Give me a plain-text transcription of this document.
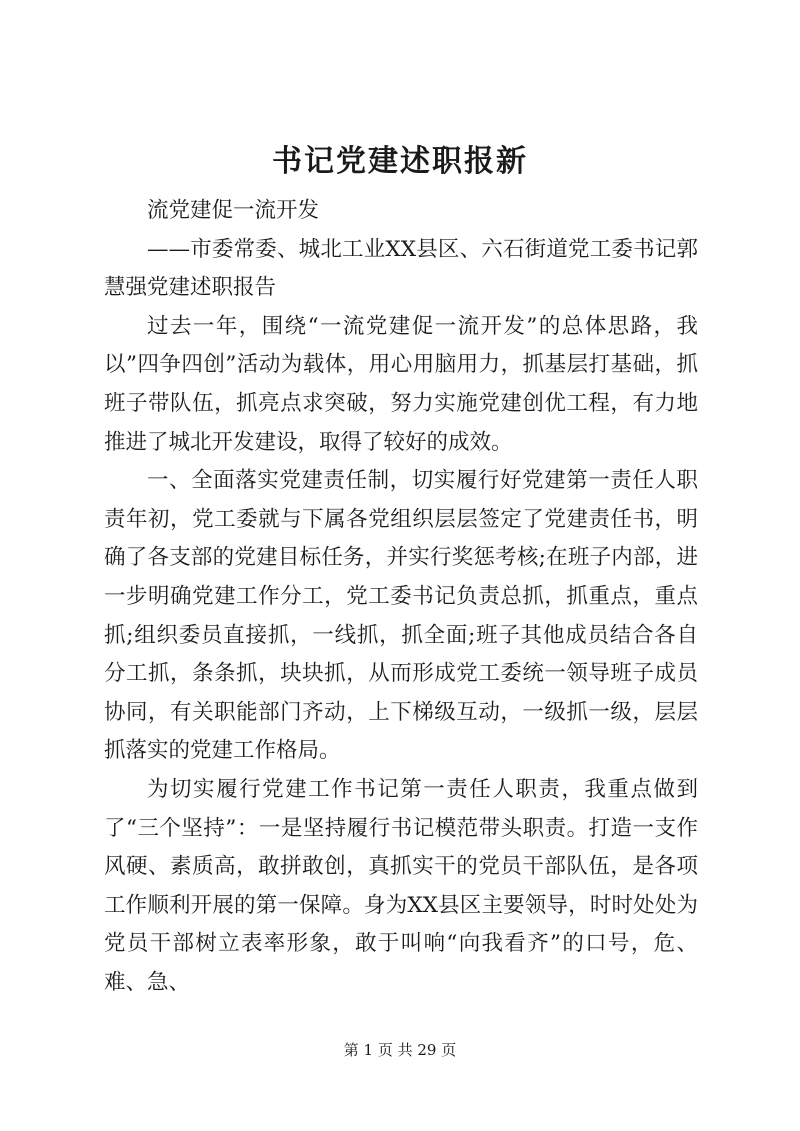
书记党建述职报新

流党建促一流开发

——市委常委、城北工业XX县区、六石街道党工委书记郭慧强党建述职报告

过去一年，围绕“一流党建促一流开发”的总体思路，我以”四争四创”活动为载体，用心用脑用力，抓基层打基础，抓班子带队伍，抓亮点求突破，努力实施党建创优工程，有力地推进了城北开发建设，取得了较好的成效。

一、全面落实党建责任制，切实履行好党建第一责任人职责年初，党工委就与下属各党组织层层签定了党建责任书，明确了各支部的党建目标任务，并实行奖惩考核;在班子内部，进一步明确党建工作分工，党工委书记负责总抓，抓重点，重点抓;组织委员直接抓，一线抓，抓全面;班子其他成员结合各自分工抓，条条抓，块块抓，从而形成党工委统一领导班子成员协同，有关职能部门齐动，上下梯级互动，一级抓一级，层层抓落实的党建工作格局。

为切实履行党建工作书记第一责任人职责，我重点做到了“三个坚持”：一是坚持履行书记模范带头职责。打造一支作风硬、素质高，敢拼敢创，真抓实干的党员干部队伍，是各项工作顺利开展的第一保障。身为XX县区主要领导，时时处处为党员干部树立表率形象，敢于叫响“向我看齐”的口号，危、难、急、

第 1 页 共 29 页
